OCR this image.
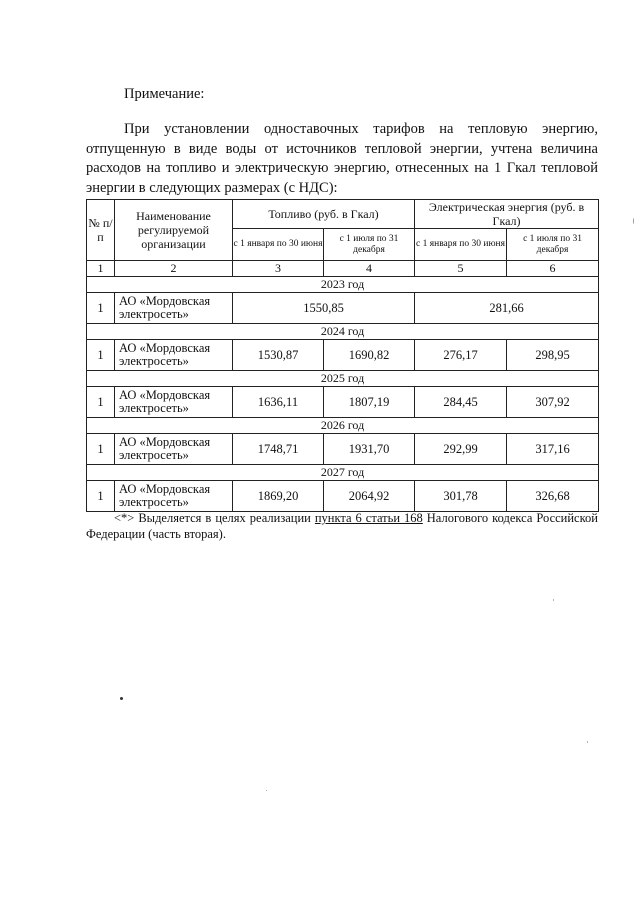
Примечание:
При установлении одноставочных тарифов на тепловую энергию, отпущенную в виде воды от источников тепловой энергии, учтена величина расходов на топливо и электрическую энергию, отнесенных на 1 Гкал тепловой энергии в следующих размерах (с НДС):
№ п/п	Наименование регулируемой организации	Топливо (руб. в Гкал)		Электрическая энергия (руб. в Гкал)	
		с 1 января по 30 июня	с 1 июля по 31 декабря	с 1 января по 30 июня	с 1 июля по 31 декабря
1	2	3	4	5	6
2023 год					
1	АО «Мордовская электросеть»	1550,85		281,66	
2024 год					
1	АО «Мордовская электросеть»	1530,87	1690,82	276,17	298,95
2025 год					
1	АО «Мордовская электросеть»	1636,11	1807,19	284,45	307,92
2026 год					
1	АО «Мордовская электросеть»	1748,71	1931,70	292,99	317,16
2027 год					
1	АО «Мордовская электросеть»	1869,20	2064,92	301,78	326,68
<*> Выделяется в целях реализации пункта 6 статьи 168 Налогового кодекса Российской Федерации (часть вторая).
